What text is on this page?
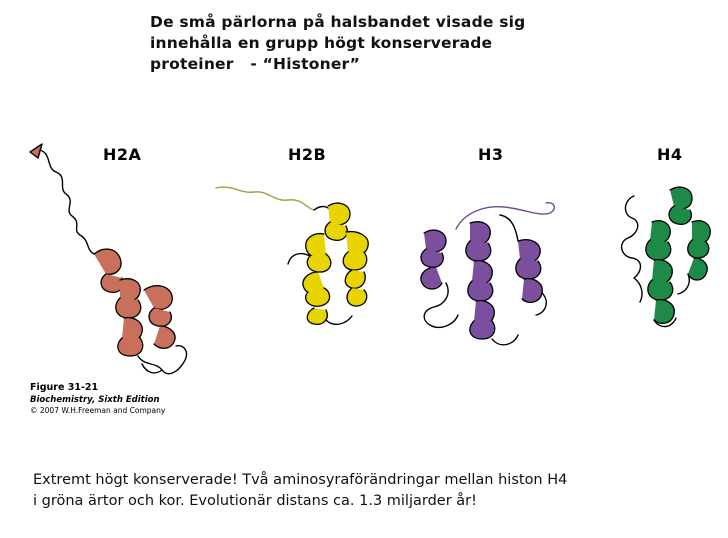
De små pärlorna på halsbandet visade sig
innehålla en grupp högt konserverade
proteiner   - “Histoner”
H2A	H2B	H3	H4
Figure 31-21
Biochemistry, Sixth Edition
© 2007 W.H.Freeman and Company
Extremt högt konserverade! Två aminosyraförändringar mellan histon H4
i gröna ärtor och kor. Evolutionär distans ca. 1.3 miljarder år!
